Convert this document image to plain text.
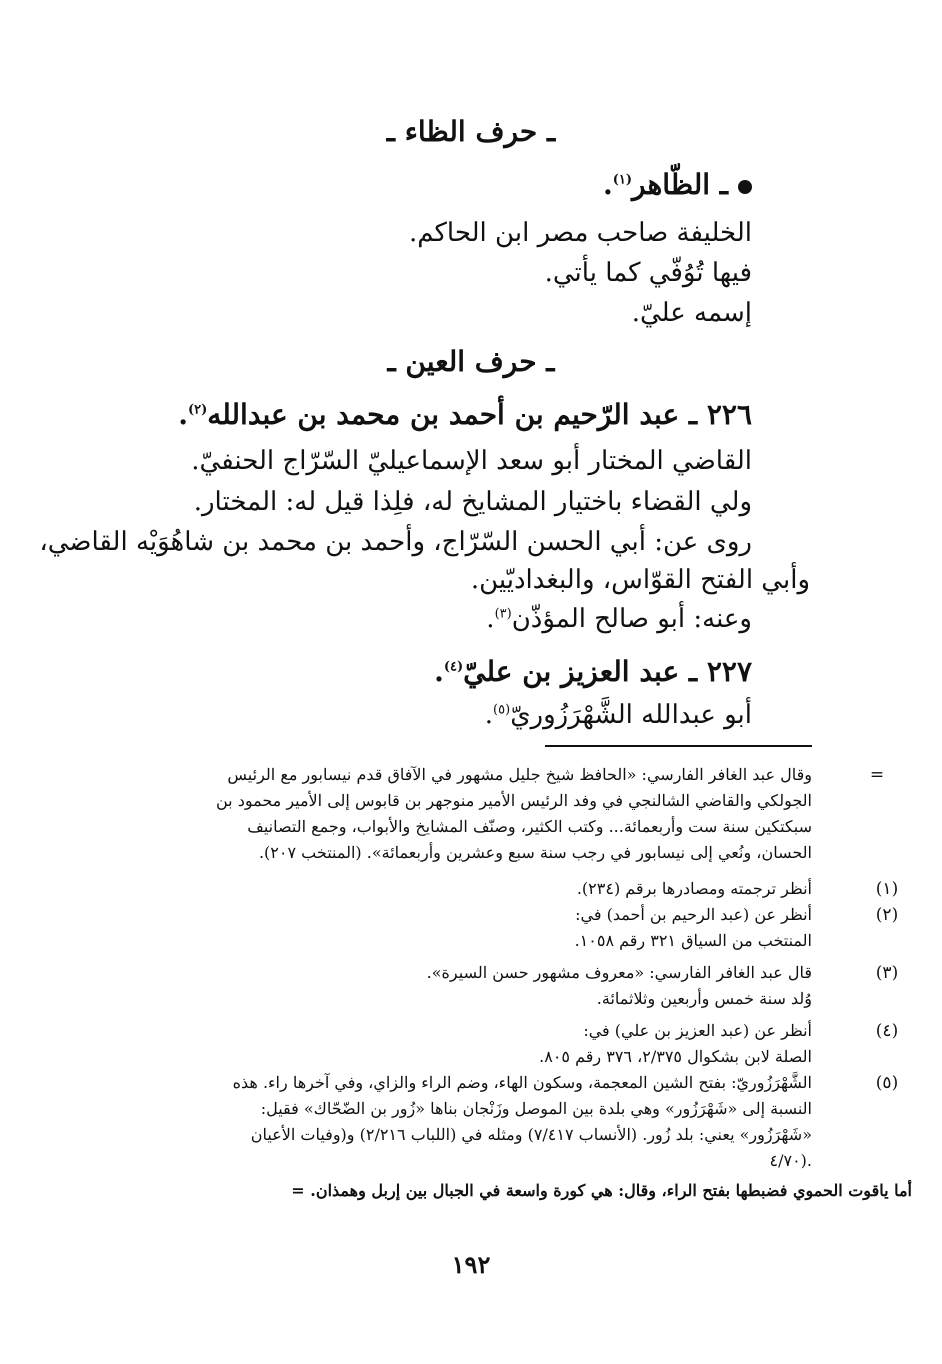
ـ حرف الظاء ـ
ـ الظّاهر$^{(١)}$.
الخليفة صاحب مصر ابن الحاكم.
فيها تُوُفّي كما يأتي.
إسمه عليّ.
ـ حرف العين ـ
٢٢٦ ـ عبد الرّحيم بن أحمد بن محمد بن عبدالله$^{(٢)}$.
القاضي المختار أبو سعد الإسماعيليّ السّرّاج الحنفيّ.
ولي القضاء باختيار المشايخ له، فلِذا قيل له: المختار.
روى عن: أبي الحسن السّرّاج، وأحمد بن محمد بن شاهُوَيْه القاضي،
وأبي الفتح القوّاس، والبغداديّين.
وعنه: أبو صالح المؤذّن$^{(٣)}$.
٢٢٧ ـ عبد العزيز بن عليّ$^{(٤)}$.
أبو عبدالله الشَّهْرَزُوريّ$^{(٥)}$.
=
وقال عبد الغافر الفارسي: «الحافظ شيخ جليل مشهور في الآفاق قدم نيسابور مع الرئيس
الجولكي والقاضي الشالنجي في وفد الرئيس الأمير منوجهر بن قابوس إلى الأمير محمود بن
سبكتكين سنة ست وأربعمائة... وكتب الكثير، وصنّف المشايخ والأبواب، وجمع التصانيف
الحسان، ونُعي إلى نيسابور في رجب سنة سبع وعشرين وأربعمائة». (المنتخب ٢٠٧).
(١)
أنظر ترجمته ومصادرها برقم (٢٣٤).
(٢)
أنظر عن (عبد الرحيم بن أحمد) في:
المنتخب من السياق ٣٢١ رقم ١٠٥٨.
(٣)
قال عبد الغافر الفارسي: «معروف مشهور حسن السيرة».
وُلد سنة خمس وأربعين وثلاثمائة.
(٤)
أنظر عن (عبد العزيز بن علي) في:
الصلة لابن بشكوال ٢/٣٧٥، ٣٧٦ رقم ٨٠٥.
(٥)
الشَّهْرَزُوريّ: بفتح الشين المعجمة، وسكون الهاء، وضم الراء والزاي، وفي آخرها راء. هذه
النسبة إلى «شَهْرَزُور» وهي بلدة بين الموصل وزَنْجان بناها «زُور بن الضّحّاك» فقيل:
«شَهْرَزُور» يعني: بلد زُور. (الأنساب ٧/٤١٧) ومثله في (اللباب ٢/٢١٦) و(وفيات الأعيان
٤/٧٠).
أما ياقوت الحموي فضبطها بفتح الراء، وقال: هي كورة واسعة في الجبال بين إربل وهمذان. =
١٩٢
